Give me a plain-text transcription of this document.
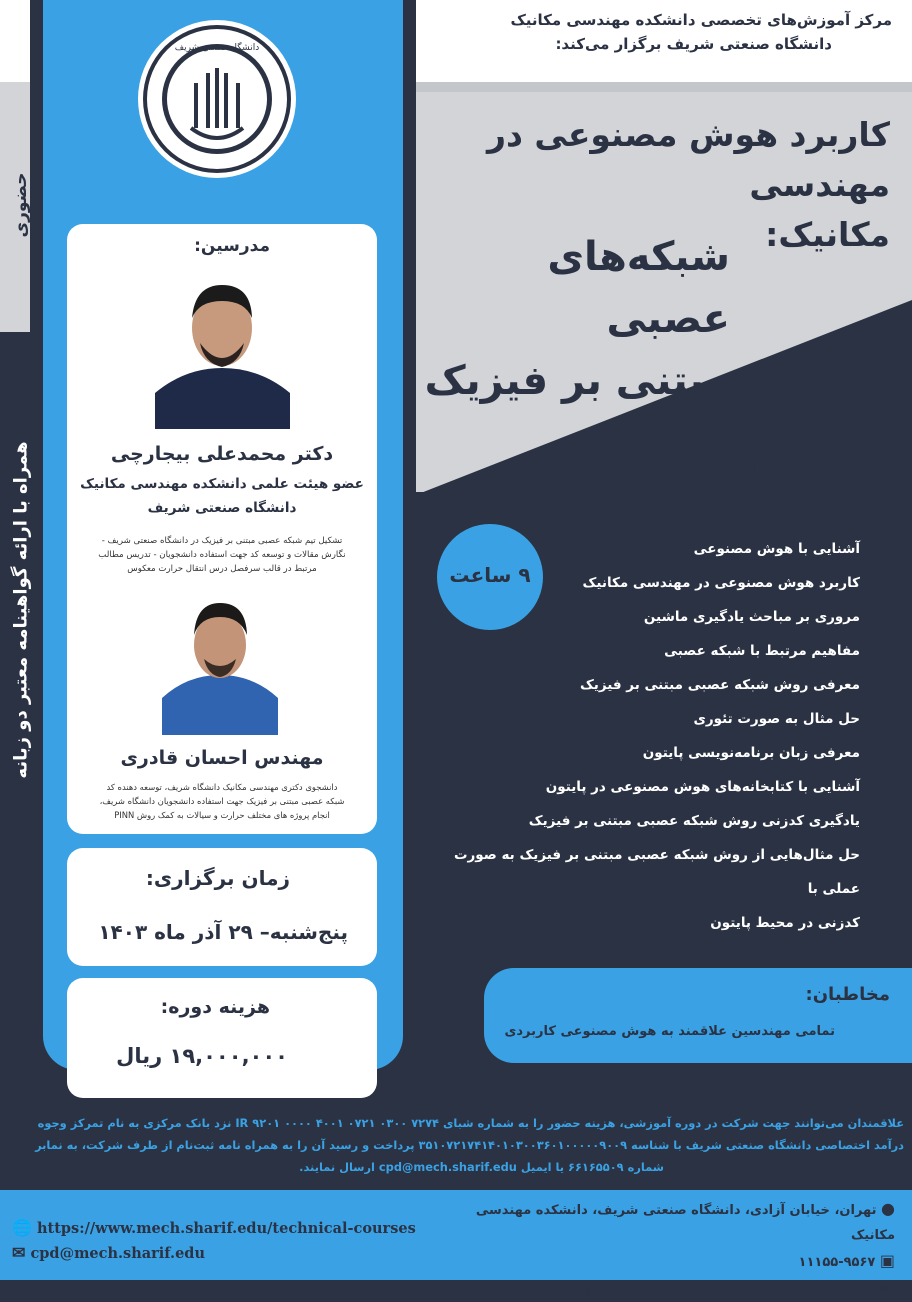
مرکز آموزش‌های تخصصی دانشکده مهندسی مکانیک
دانشگاه صنعتی شریف برگزار می‌کند:
دانشگاه صنعتی شریف
کاربرد هوش مصنوعی در مهندسی
مکانیک:
شبکه‌های عصبی
مبتنی بر فیزیک
حضوری
همراه با ارائه گواهینامه معتبر دو زبانه
مدرسین:
دکتر محمدعلی بیجارچی
عضو هیئت علمی دانشکده مهندسی مکانیک
دانشگاه صنعتی شریف
تشکیل تیم شبکه عصبی مبتنی بر فیزیک در دانشگاه صنعتی شریف -
نگارش مقالات و توسعه کد جهت استفاده دانشجویان - تدریس مطالب
مرتبط در قالب سرفصل درس انتقال حرارت معکوس
مهندس احسان قادری
دانشجوی دکتری مهندسی مکانیک دانشگاه شریف، توسعه دهنده کد
شبکه عصبی مبتنی بر فیزیک جهت استفاده دانشجویان دانشگاه شریف،
انجام پروژه های مختلف حرارت و سیالات به کمک روش PINN
زمان برگزاری:
پنج‌شنبه– ۲۹ آذر ماه ۱۴۰۳
هزینه دوره:
۱۹,۰۰۰,۰۰۰ ریال
محتوای رویداد آموزشی:
۹ ساعت
آشنایی با هوش مصنوعی
کاربرد هوش مصنوعی در مهندسی مکانیک
مروری بر مباحث یادگیری ماشین
مفاهیم مرتبط با شبکه عصبی
معرفی روش شبکه عصبی مبتنی بر فیزیک
حل مثال به صورت تئوری
معرفی زبان برنامه‌نویسی پایتون
آشنایی با کتابخانه‌های هوش مصنوعی در پایتون
یادگیری کدزنی روش شبکه عصبی مبتنی بر فیزیک
حل مثال‌هایی از روش شبکه عصبی مبتنی بر فیزیک به صورت عملی با
کدزنی در محیط پایتون
مخاطبان:
تمامی مهندسین علاقمند به هوش مصنوعی کاربردی
علاقمندان می‌توانند جهت شرکت در دوره آموزشی، هزینه حضور را به شماره شبای ۷۲۷۴ ۰۳۰۰ ۰۷۲۱ ۴۰۰۱ ۰۰۰۰ ۹۲۰۱ IR نزد بانک مرکزی به نام تمرکز وجوه
درآمد اختصاصی دانشگاه صنعتی شریف با شناسه ۳۵۱۰۷۲۱۷۴۱۴۰۱۰۳۰۰۳۶۰۱۰۰۰۰۰۹۰۰۹ پرداخت و رسید آن را به همراه نامه ثبت‌نام از طرف شرکت، به نمابر
شماره ۶۶۱۶۵۵۰۹ یا ایمیل cpd@mech.sharif.edu ارسال نمایند.
🌐 https://www.mech.sharif.edu/technical-courses
✉ cpd@mech.sharif.edu
● تهران، خیابان آزادی، دانشگاه صنعتی شریف، دانشکده مهندسی مکانیک
▣ ۱۱۱۵۵-۹۵۶۷
☎ ۰۹۳۹۱۷۵۶۵۲۶ - ۶۶۱۶۵۵۰۹ - ۶۶۱۶۵۵۰۰ - ۶۶۱۶۵۵۷۳
